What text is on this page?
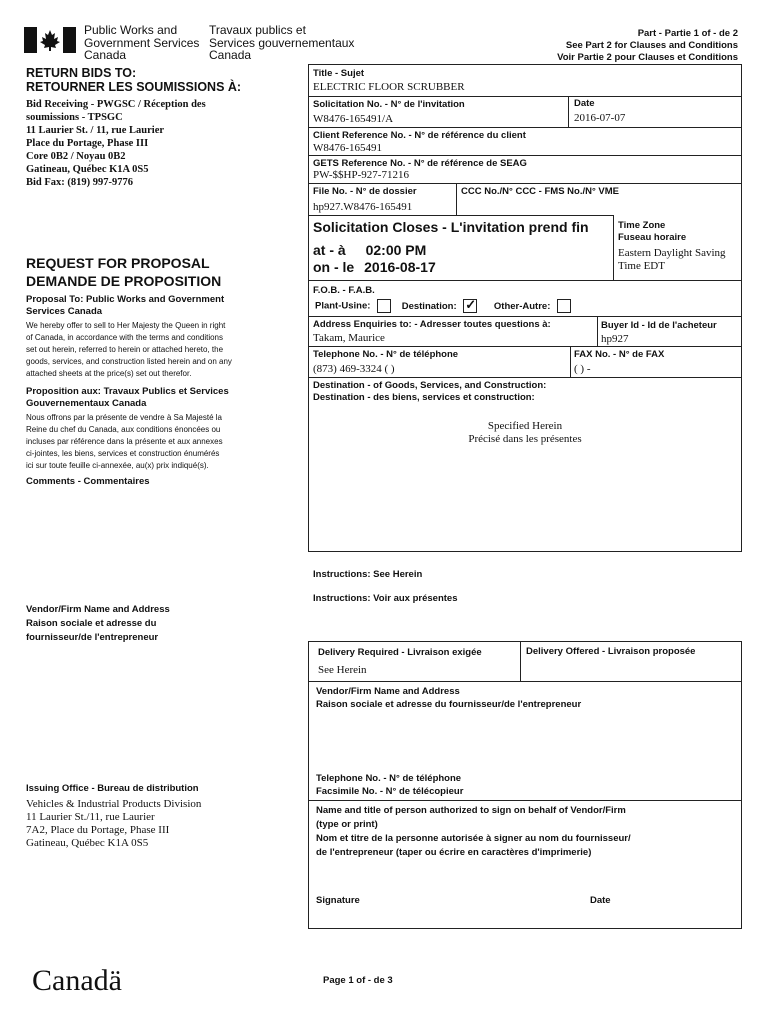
Public Works and
Government Services
Canada
Travaux publics et
Services gouvernementaux
Canada
Part - Partie 1 of - de 2
See Part 2 for Clauses and Conditions
Voir Partie 2 pour Clauses et Conditions
RETURN BIDS TO:
RETOURNER LES SOUMISSIONS À:
Bid Receiving - PWGSC / Réception des
soumissions - TPSGC
11 Laurier St. / 11, rue Laurier
Place du Portage, Phase III
Core 0B2 / Noyau 0B2
Gatineau, Québec K1A 0S5
Bid Fax: (819) 997-9776
REQUEST FOR PROPOSAL
DEMANDE DE PROPOSITION
Proposal To: Public Works and Government Services Canada
We hereby offer to sell to Her Majesty the Queen in right
of Canada, in accordance with the terms and conditions
set out herein, referred to herein or attached hereto, the
goods, services, and construction listed herein and on any
attached sheets at the price(s) set out therefor.
Proposition aux: Travaux Publics et Services Gouvernementaux Canada
Nous offrons par la présente de vendre à Sa Majesté la
Reine du chef du Canada, aux conditions énoncées ou
incluses par référence dans la présente et aux annexes
ci-jointes, les biens, services et construction énumérés
ici sur toute feuille ci-annexée, au(x) prix indiqué(s).
Comments - Commentaires
Vendor/Firm Name and Address
Raison sociale et adresse du
fournisseur/de l'entrepreneur
Issuing Office - Bureau de distribution
Vehicles & Industrial Products Division
11 Laurier St./11, rue Laurier
7A2, Place du Portage, Phase III
Gatineau, Québec K1A 0S5
Title - Sujet
ELECTRIC FLOOR SCRUBBER
Solicitation No. - N° de l'invitation
W8476-165491/A
Date
2016-07-07
Client Reference No. - N° de référence du client
W8476-165491
GETS Reference No. - N° de référence de SEAG
PW-$$HP-927-71216
File No. - N° de dossier
hp927.W8476-165491
CCC No./N° CCC - FMS No./N° VME
Solicitation Closes - L'invitation prend fin
at - à 02:00 PM
on - le 2016-08-17
Time Zone
Fuseau horaire
Eastern Daylight Saving
Time EDT
F.O.B. - F.A.B.
Plant-Usine:	Destination: ✓ Other-Autre:
Address Enquiries to: - Adresser toutes questions à:
Takam, Maurice
Buyer Id - Id de l'acheteur
hp927
Telephone No. - N° de téléphone
(873) 469-3324 ( )
FAX No. - N° de FAX
( ) -
Destination - of Goods, Services, and Construction:
Destination - des biens, services et construction:
Specified Herein
Précisé dans les présentes
Instructions: See Herein
Instructions: Voir aux présentes
Delivery Required - Livraison exigée
See Herein
Delivery Offered - Livraison proposée
Vendor/Firm Name and Address
Raison sociale et adresse du fournisseur/de l'entrepreneur
Telephone No. - N° de téléphone
Facsimile No. - N° de télécopieur
Name and title of person authorized to sign on behalf of Vendor/Firm
(type or print)
Nom et titre de la personne autorisée à signer au nom du fournisseur/
de l'entrepreneur (taper ou écrire en caractères d'imprimerie)
Signature	Date
Canadä	Page 1 of - de 3
